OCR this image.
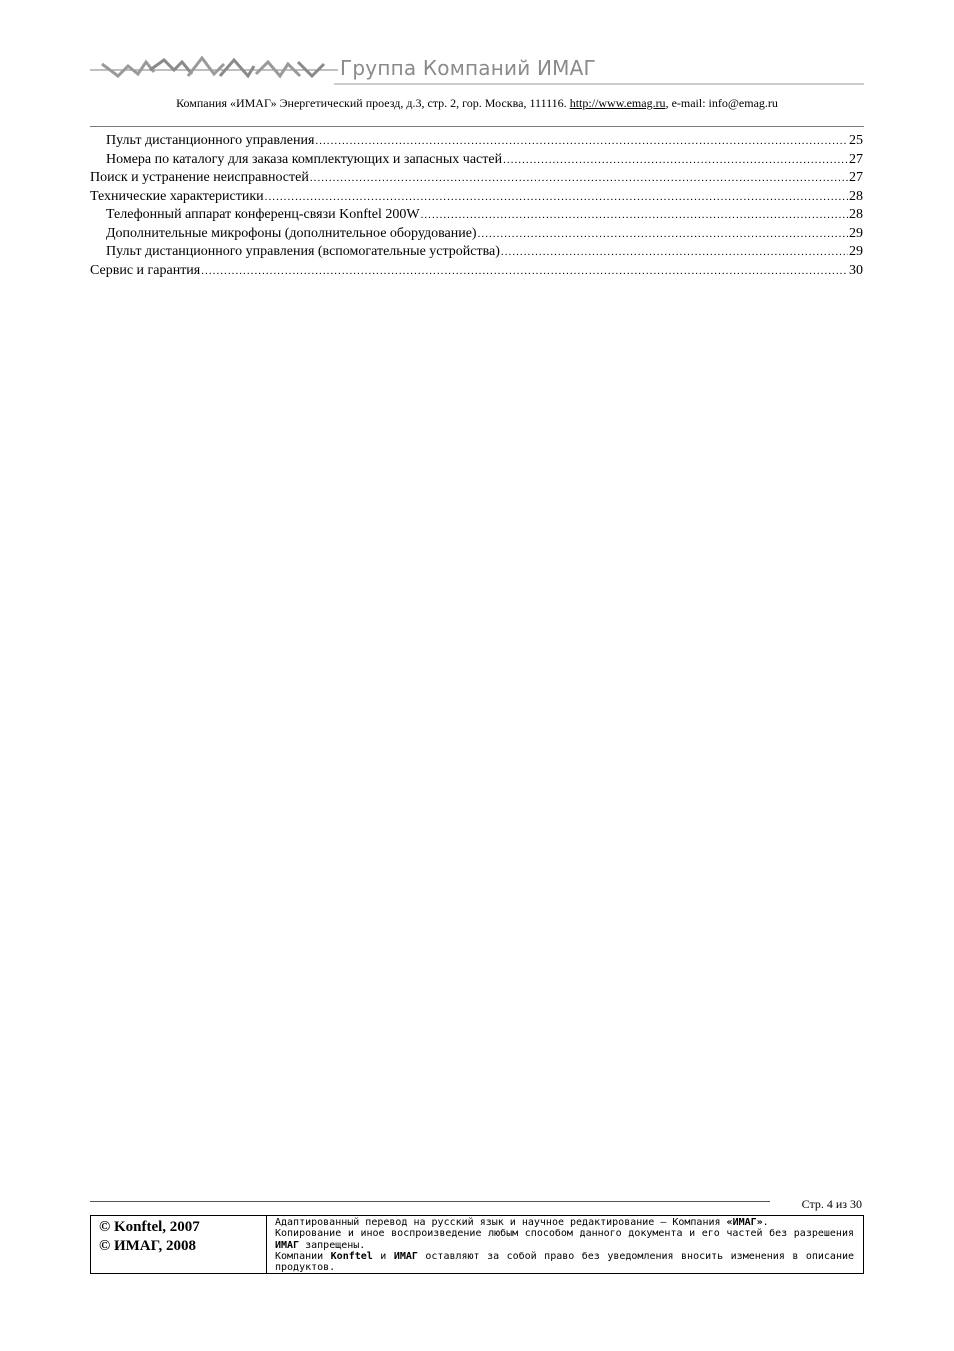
Группа Компаний ИМАГ
Компания «ИМАГ» Энергетический проезд, д.3, стр. 2, гор. Москва, 111116. http://www.emag.ru, e-mail: info@emag.ru
Пульт дистанционного управления .....	25
Номера по каталогу для заказа комплектующих и запасных частей .....	27
Поиск и устранение неисправностей .....	27
Технические характеристики .....	28
Телефонный аппарат конференц-связи Konftel 200W .....	28
Дополнительные микрофоны (дополнительное оборудование) .....	29
Пульт дистанционного управления (вспомогательные устройства) .....	29
Сервис и гарантия .....	30
Стр. 4 из 30
© Konftel, 2007
© ИМАГ, 2008

Адаптированный перевод на русский язык и научное редактирование – Компания «ИМАГ».

Копирование и иное воспроизведение любым способом данного документа и его частей без разрешения ИМАГ запрещены.

Компании Konftel и ИМАГ оставляют за собой право без уведомления вносить изменения в описание продуктов.
